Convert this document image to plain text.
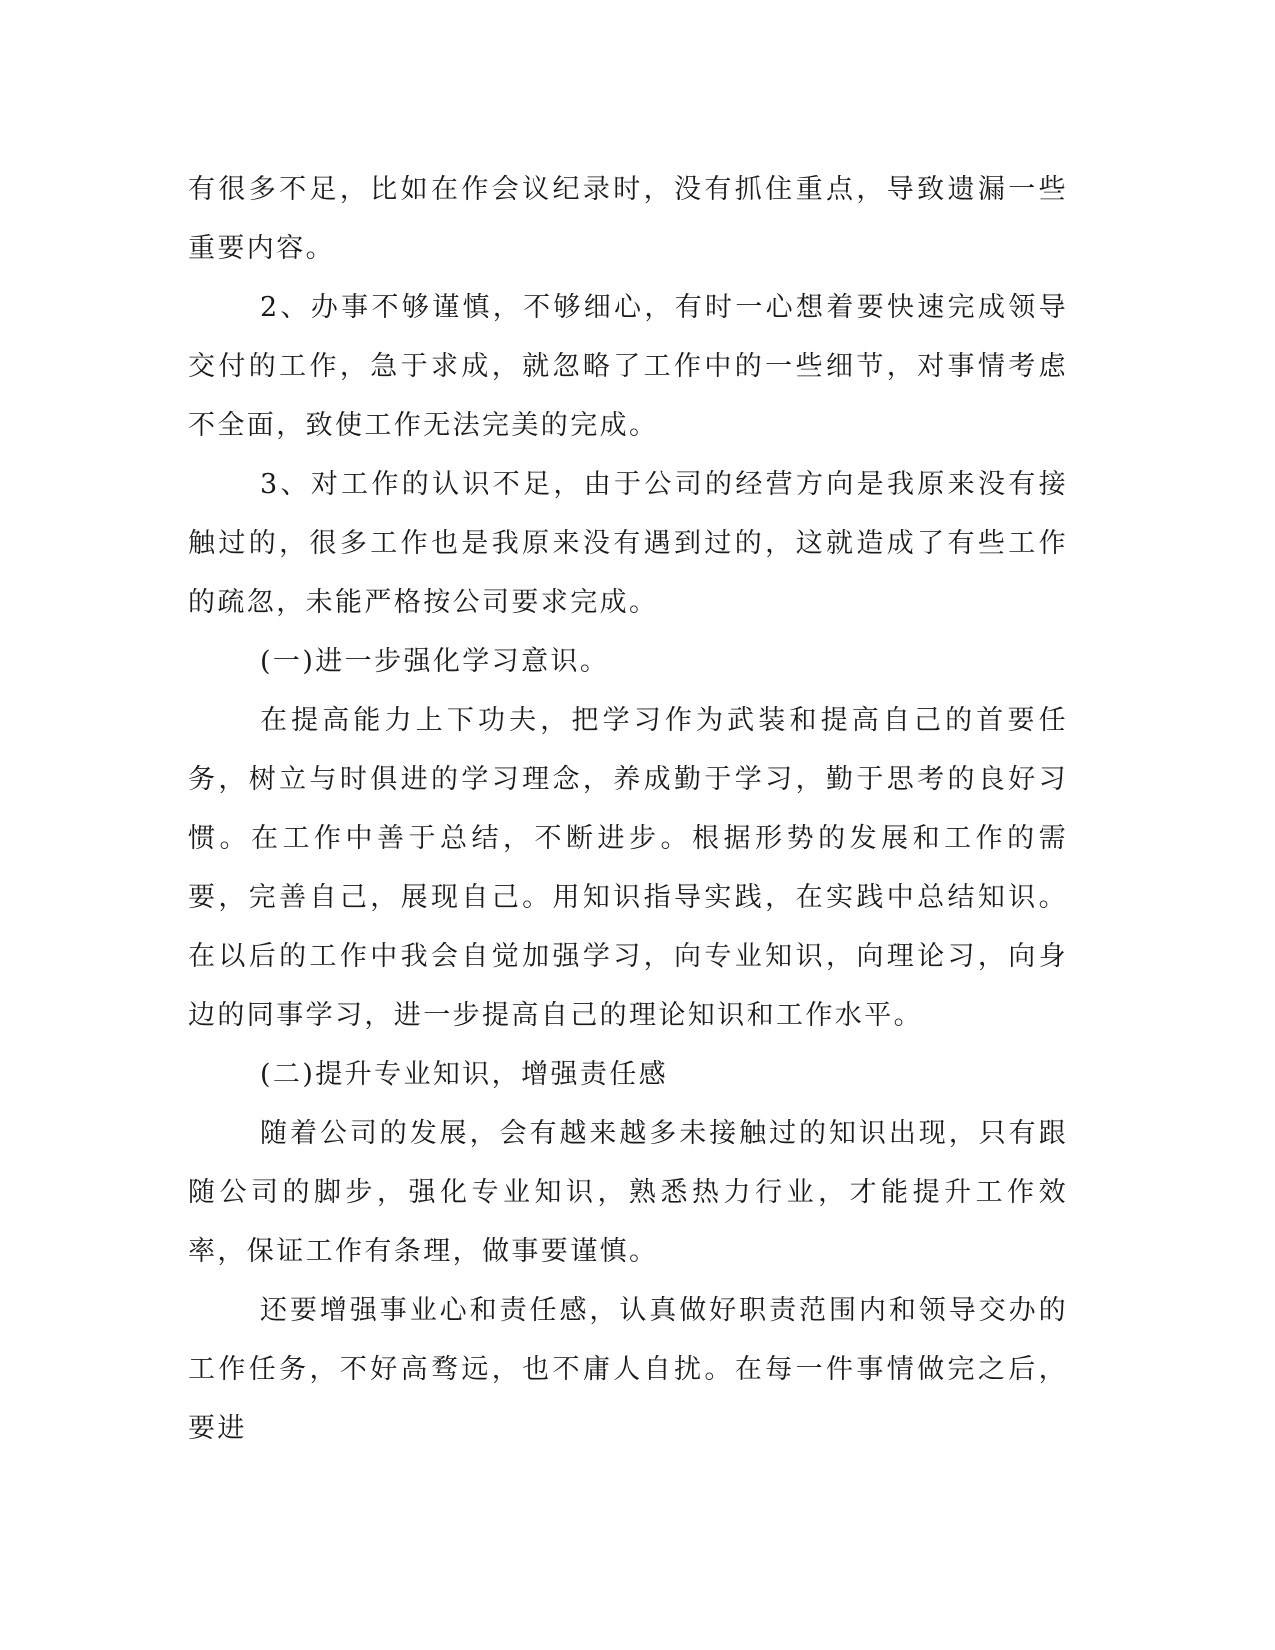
有很多不足，比如在作会议纪录时，没有抓住重点，导致遗漏一些重要内容。

2、办事不够谨慎，不够细心，有时一心想着要快速完成领导交付的工作，急于求成，就忽略了工作中的一些细节，对事情考虑不全面，致使工作无法完美的完成。

3、对工作的认识不足，由于公司的经营方向是我原来没有接触过的，很多工作也是我原来没有遇到过的，这就造成了有些工作的疏忽，未能严格按公司要求完成。

(一)进一步强化学习意识。

在提高能力上下功夫，把学习作为武装和提高自己的首要任务，树立与时俱进的学习理念，养成勤于学习，勤于思考的良好习惯。在工作中善于总结，不断进步。根据形势的发展和工作的需要，完善自己，展现自己。用知识指导实践，在实践中总结知识。在以后的工作中我会自觉加强学习，向专业知识，向理论习，向身边的同事学习，进一步提高自己的理论知识和工作水平。

(二)提升专业知识，增强责任感

随着公司的发展，会有越来越多未接触过的知识出现，只有跟随公司的脚步，强化专业知识，熟悉热力行业，才能提升工作效率，保证工作有条理，做事要谨慎。

还要增强事业心和责任感，认真做好职责范围内和领导交办的工作任务，不好高骛远，也不庸人自扰。在每一件事情做完之后，要进
